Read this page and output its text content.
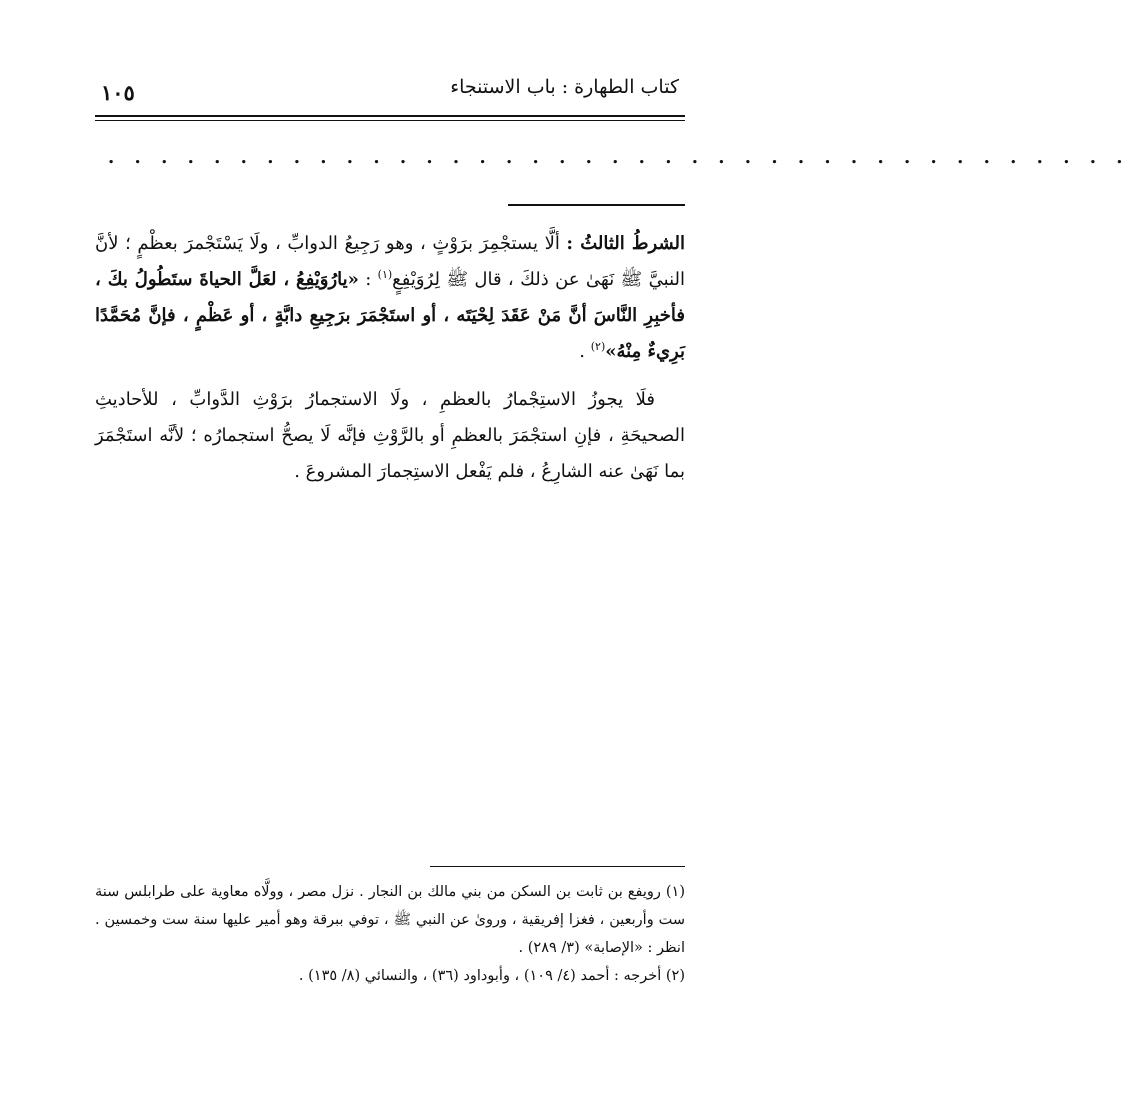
كتاب الطهارة : باب الاستنجاء
١٠٥
. . . . . . . . . . . . . . . . . . . . . . . . . . . . . . . . . . . . . . .

الشرطُ الثالثُ : ألَّا يستجْمِرَ برَوْثٍ ، وهو رَجِيعُ الدوابِّ ، ولَا يَسْتَجْمرَ بعظْمٍ ؛ لأنَّ النبيَّ ﷺ نَهَىٰ عن ذلكَ ، قال ﷺ لِرُوَيْفِعٍ$^{(١)}$ : «يارُوَيْفِعُ ، لعَلَّ الحياةَ ستَطُولُ بكَ ، فأخبِرِ النَّاسَ أنَّ مَنْ عَقَدَ لِحْيَتَه ، أو استَجْمَرَ برَجِيعِ دابَّةٍ ، أو عَظْمٍ ، فإنَّ مُحَمَّدًا بَرِيءٌ مِنْهُ»$^{(٢)}$ .

فلَا يجوزُ الاستِجْمارُ بالعظمِ ، ولَا الاستجمارُ برَوْثِ الدَّوابِّ ، للأحاديثِ الصحيحَةِ ، فإنِ استجْمَرَ بالعظمِ أو بالرَّوْثِ فإنَّه لَا يصحُّ استجمارُه ؛ لأنَّه استَجْمَرَ بما نَهَىٰ عنه الشارِعُ ، فلم يَفْعل الاستِجمارَ المشروعَ .

(١) رويفع بن ثابت بن السكن من بني مالك بن النجار . نزل مصر ، وولَّاه معاوية على طرابلس سنة ست وأربعين ، فغزا إفريقية ، وروىٰ عن النبي ﷺ ، توفي ببرقة وهو أمير عليها سنة ست وخمسين . انظر : «الإصابة» (٣/ ٢٨٩) .

(٢) أخرجه : أحمد (٤/ ١٠٩) ، وأبوداود (٣٦) ، والنسائي (٨/ ١٣٥) .
